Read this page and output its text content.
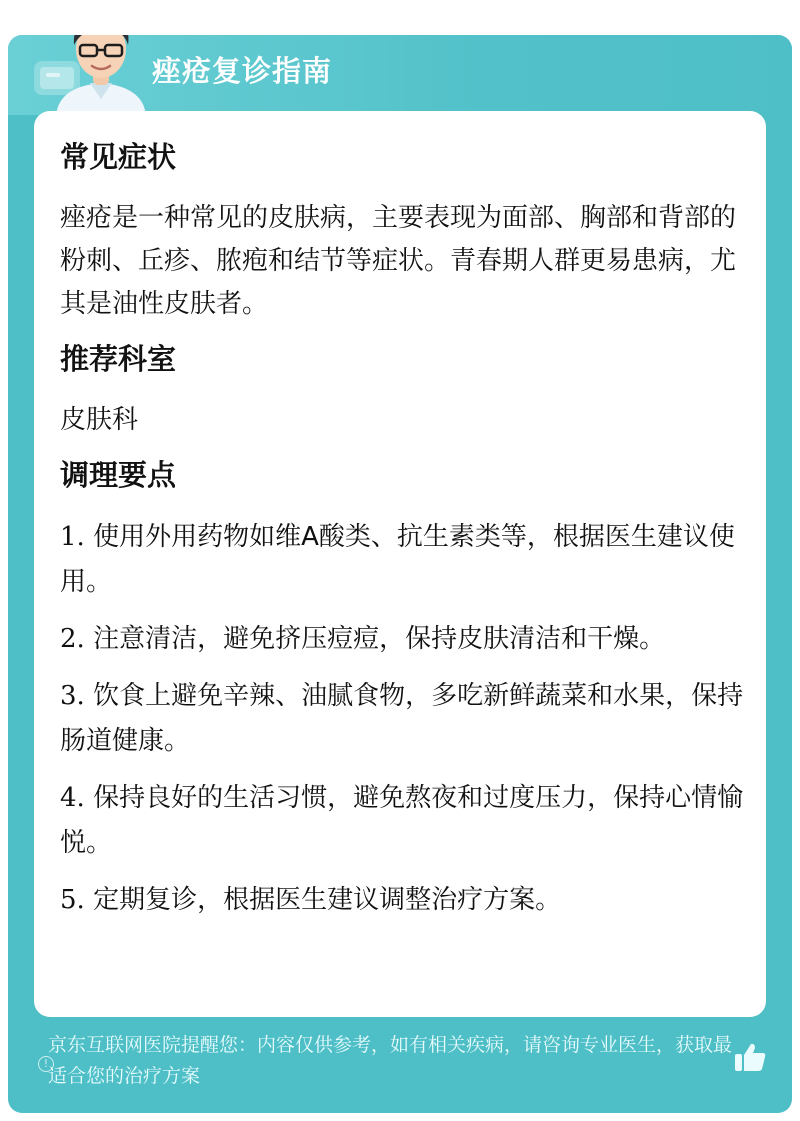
痤疮复诊指南
常见症状
痤疮是一种常见的皮肤病，主要表现为面部、胸部和背部的粉刺、丘疹、脓疱和结节等症状。青春期人群更易患病，尤其是油性皮肤者。
推荐科室
皮肤科
调理要点
1. 使用外用药物如维A酸类、抗生素类等，根据医生建议使用。
2. 注意清洁，避免挤压痘痘，保持皮肤清洁和干燥。
3. 饮食上避免辛辣、油腻食物，多吃新鲜蔬菜和水果，保持肠道健康。
4. 保持良好的生活习惯，避免熬夜和过度压力，保持心情愉悦。
5. 定期复诊，根据医生建议调整治疗方案。
!
京东互联网医院提醒您：内容仅供参考，如有相关疾病，请咨询专业医生，获取最适合您的治疗方案
